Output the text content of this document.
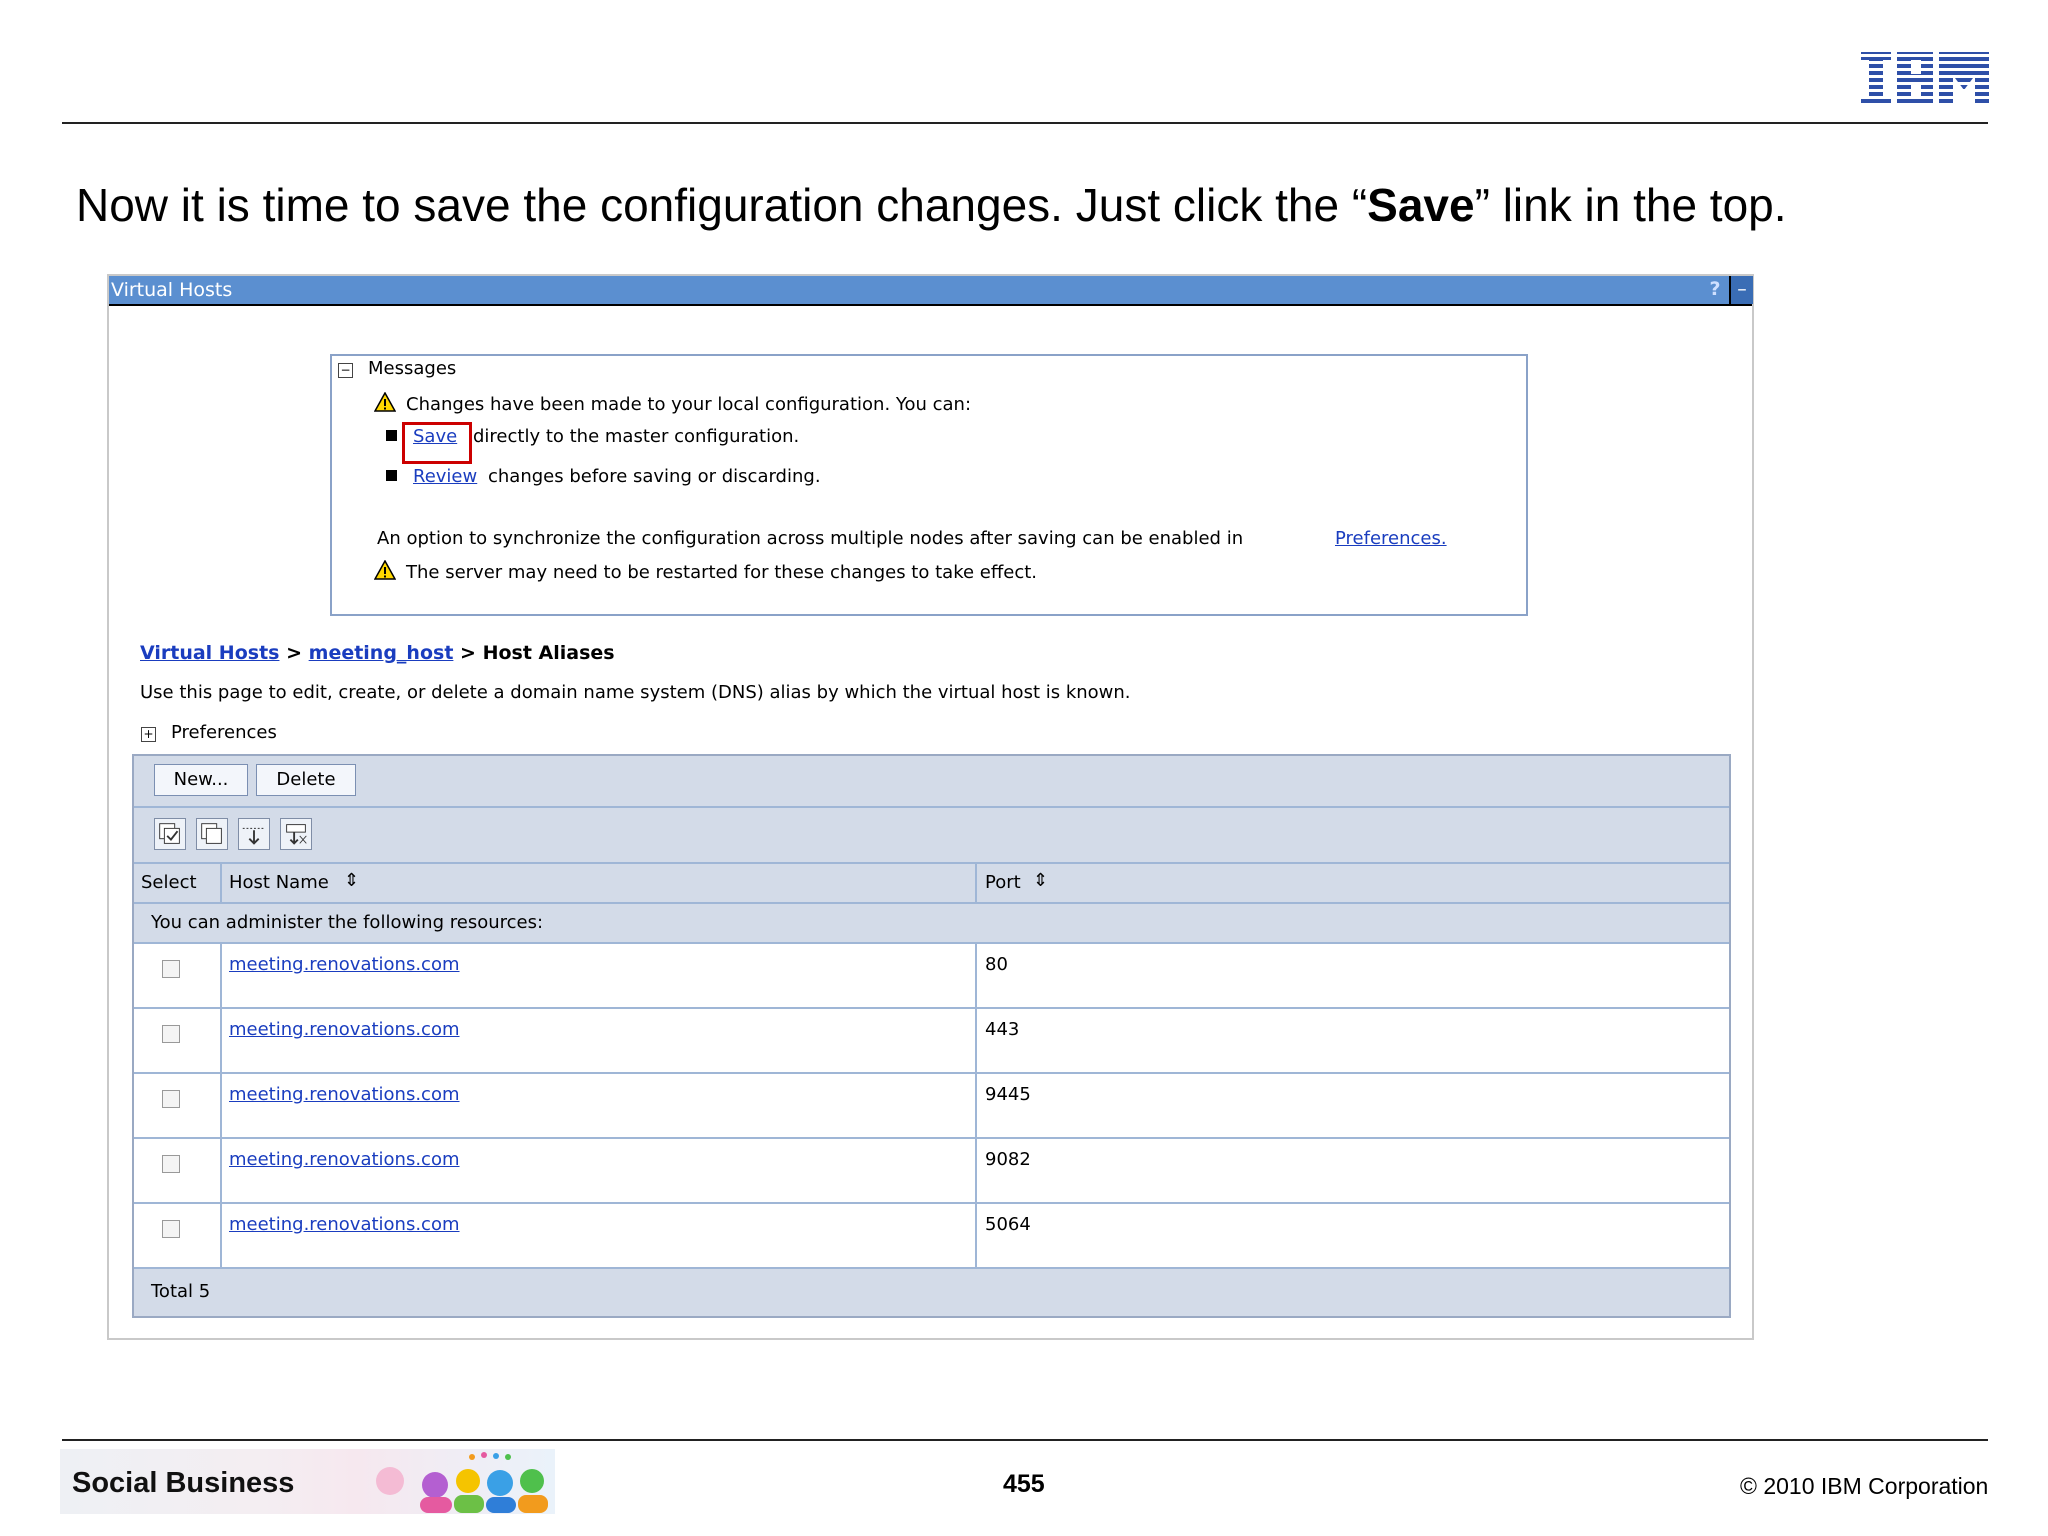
Now it is time to save the configuration changes. Just click the “Save” link in the top.
Virtual Hosts	? –
− Messages
Changes have been made to your local configuration. You can:
Save directly to the master configuration.
Review changes before saving or discarding.
An option to synchronize the configuration across multiple nodes after saving can be enabled in	Preferences.
The server may need to be restarted for these changes to take effect.
Virtual Hosts > meeting_host > Host Aliases
Use this page to edit, create, or delete a domain name system (DNS) alias by which the virtual host is known.
+ Preferences
New...	Delete
Select Host Name ⇕	Port ⇕
You can administer the following resources:
meeting.renovations.com	80
meeting.renovations.com	443
meeting.renovations.com	9445
meeting.renovations.com	9082
meeting.renovations.com	5064
Total 5
Social Business	455	© 2010 IBM Corporation
